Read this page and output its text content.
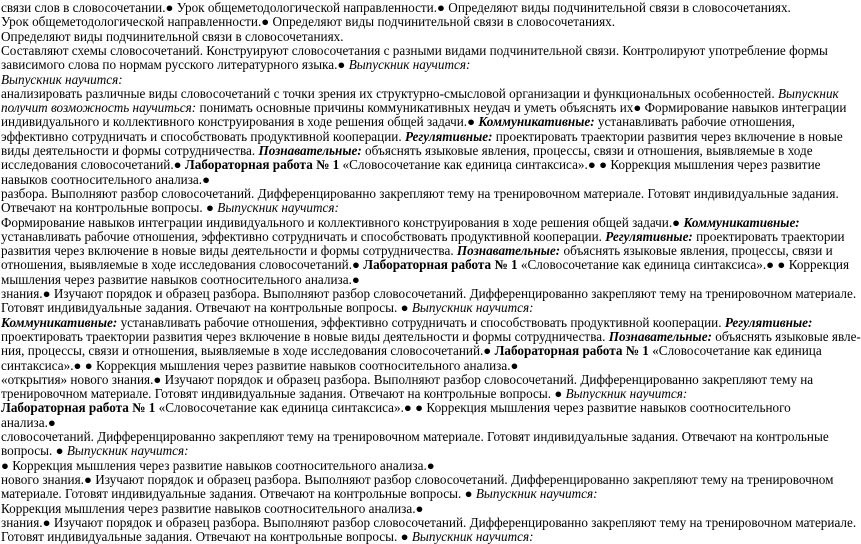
связи слов в словосочетании.● Урок общеметодологической направленности.● Определяют виды подчинительной связи в словосочетаниях.
Урок общеметодологической направленности.● Определяют виды подчинительной связи в словосочетаниях.
Определяют виды подчинительной связи в словосочетаниях.
Составляют схемы словосочетаний. Конструируют словосочетания с разными видами подчинительной связи. Контролируют употребление формы
зависимого слова по нормам русского литературного языка.● Выпускник научится:
Выпускник научится:
анализировать различные виды словосочетаний с точки зрения их структурно-смысловой организации и функциональных особенностей. Выпускник
получит возможность научиться: понимать основные причины коммуникативных неудач и уметь объяснять их● Формирование навыков интеграции
индивидуального и коллективного конструирования в ходе решения общей задачи.● Коммуникативные: устанавливать рабочие отношения,
эффективно сотрудничать и способствовать продуктивной кооперации. Регулятивные: проектировать траектории развития через включение в новые
виды деятельности и формы сотрудничества. Познавательные: объяснять языковые явления, процессы, связи и отношения, выявляемые в ходе
исследования словосочетаний.● Лабораторная работа № 1 «Словосочетание как единица синтаксиса».● ● Коррекция мышления через развитие
навыков соотносительного анализа.●
разбора. Выполняют разбор словосочетаний. Дифференцированно закрепляют тему на тренировочном материале. Готовят индивидуальные задания.
Отвечают на контрольные вопросы. ● Выпускник научится:
Формирование навыков интеграции индивидуального и коллективного конструирования в ходе решения общей задачи.● Коммуникативные:
устанавливать рабочие отношения, эффективно сотрудничать и способствовать продуктивной кооперации. Регулятивные: проектировать траектории
развития через включение в новые виды деятельности и формы сотрудничества. Познавательные: объяснять языковые явления, процессы, связи и
отношения, выявляемые в ходе исследования словосочетаний.● Лабораторная работа № 1 «Словосочетание как единица синтаксиса».● ● Коррекция
мышления через развитие навыков соотносительного анализа.●
знания.● Изучают порядок и образец разбора. Выполняют разбор словосочетаний. Дифференцированно закрепляют тему на тренировочном материале.
Готовят индивидуальные задания. Отвечают на контрольные вопросы. ● Выпускник научится:
Коммуникативные: устанавливать рабочие отношения, эффективно сотрудничать и способствовать продуктивной кооперации. Регулятивные:
проектировать траектории развития через включение в новые виды деятельности и формы сотрудничества. Познавательные: объяснять языковые явле-
ния, процессы, связи и отношения, выявляемые в ходе исследования словосочетаний.● Лабораторная работа № 1 «Словосочетание как единица
синтаксиса».● ● Коррекция мышления через развитие навыков соотносительного анализа.●
«открытия» нового знания.● Изучают порядок и образец разбора. Выполняют разбор словосочетаний. Дифференцированно закрепляют тему на
тренировочном материале. Готовят индивидуальные задания. Отвечают на контрольные вопросы. ● Выпускник научится:
Лабораторная работа № 1 «Словосочетание как единица синтаксиса».● ● Коррекция мышления через развитие навыков соотносительного
анализа.●
словосочетаний. Дифференцированно закрепляют тему на тренировочном материале. Готовят индивидуальные задания. Отвечают на контрольные
вопросы. ● Выпускник научится:
● Коррекция мышления через развитие навыков соотносительного анализа.●
нового знания.● Изучают порядок и образец разбора. Выполняют разбор словосочетаний. Дифференцированно закрепляют тему на тренировочном
материале. Готовят индивидуальные задания. Отвечают на контрольные вопросы. ● Выпускник научится:
Коррекция мышления через развитие навыков соотносительного анализа.●
знания.● Изучают порядок и образец разбора. Выполняют разбор словосочетаний. Дифференцированно закрепляют тему на тренировочном материале.
Готовят индивидуальные задания. Отвечают на контрольные вопросы. ● Выпускник научится:
